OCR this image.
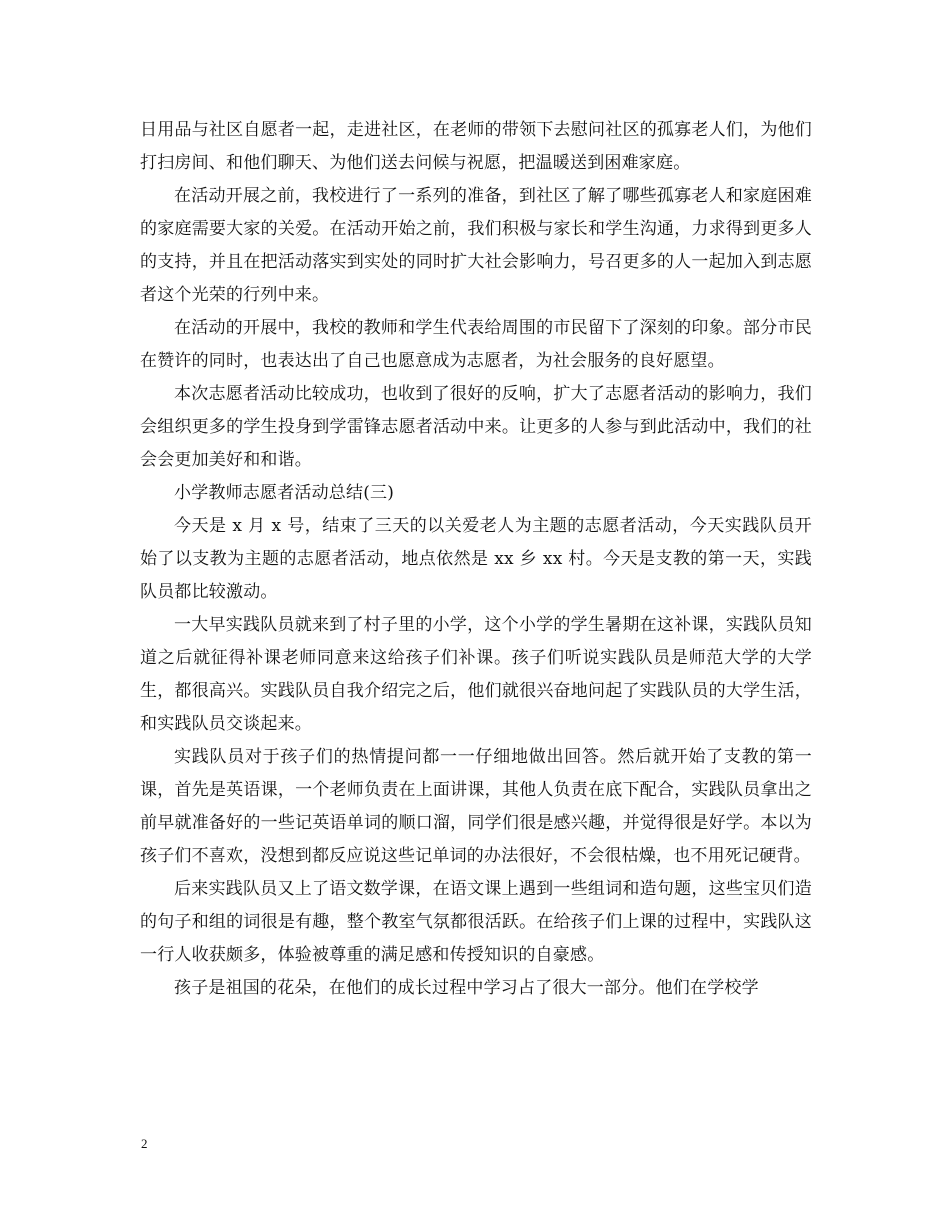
日用品与社区自愿者一起，走进社区，在老师的带领下去慰问社区的孤寡老人们，为他们打扫房间、和他们聊天、为他们送去问候与祝愿，把温暖送到困难家庭。

在活动开展之前，我校进行了一系列的准备，到社区了解了哪些孤寡老人和家庭困难的家庭需要大家的关爱。在活动开始之前，我们积极与家长和学生沟通，力求得到更多人的支持，并且在把活动落实到实处的同时扩大社会影响力，号召更多的人一起加入到志愿者这个光荣的行列中来。

在活动的开展中，我校的教师和学生代表给周围的市民留下了深刻的印象。部分市民在赞许的同时，也表达出了自己也愿意成为志愿者，为社会服务的良好愿望。

本次志愿者活动比较成功，也收到了很好的反响，扩大了志愿者活动的影响力，我们会组织更多的学生投身到学雷锋志愿者活动中来。让更多的人参与到此活动中，我们的社会会更加美好和和谐。

小学教师志愿者活动总结(三)

今天是 x 月 x 号，结束了三天的以关爱老人为主题的志愿者活动，今天实践队员开始了以支教为主题的志愿者活动，地点依然是 xx 乡 xx 村。今天是支教的第一天，实践队员都比较激动。

一大早实践队员就来到了村子里的小学，这个小学的学生暑期在这补课，实践队员知道之后就征得补课老师同意来这给孩子们补课。孩子们听说实践队员是师范大学的大学生，都很高兴。实践队员自我介绍完之后，他们就很兴奋地问起了实践队员的大学生活，和实践队员交谈起来。

实践队员对于孩子们的热情提问都一一仔细地做出回答。然后就开始了支教的第一课，首先是英语课，一个老师负责在上面讲课，其他人负责在底下配合，实践队员拿出之前早就准备好的一些记英语单词的顺口溜，同学们很是感兴趣，并觉得很是好学。本以为孩子们不喜欢，没想到都反应说这些记单词的办法很好，不会很枯燥，也不用死记硬背。

后来实践队员又上了语文数学课，在语文课上遇到一些组词和造句题，这些宝贝们造的句子和组的词很是有趣，整个教室气氛都很活跃。在给孩子们上课的过程中，实践队这一行人收获颇多，体验被尊重的满足感和传授知识的自豪感。

孩子是祖国的花朵，在他们的成长过程中学习占了很大一部分。他们在学校学

2
